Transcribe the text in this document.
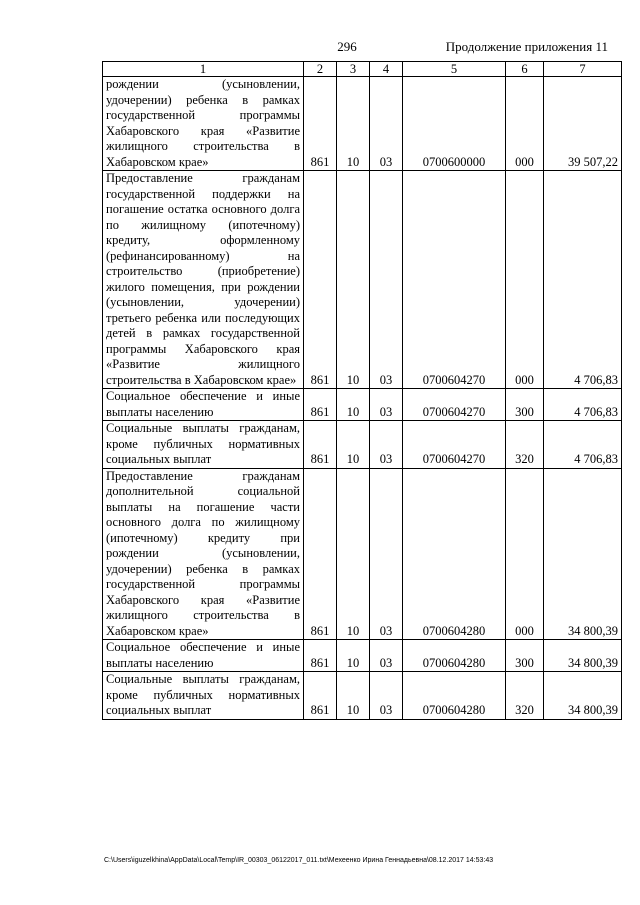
296	Продолжение приложения 11
1	2	3	4	5	6	7
рождении (усыновлении, удочерении) ребенка в рамках государственной программы Хабаровского края «Развитие жилищного строительства в Хабаровском крае»	861	10	03	0700600000	000	39 507,22
Предоставление гражданам государственной поддержки на погашение остатка основного долга по жилищному (ипотечному) кредиту, оформленному (рефинансированному) на строительство (приобретение) жилого помещения, при рождении (усыновлении, удочерении) третьего ребенка или последующих детей в рамках государственной программы Хабаровского края «Развитие жилищного строительства в Хабаровском крае»	861	10	03	0700604270	000	4 706,83
Социальное обеспечение и иные выплаты населению	861	10	03	0700604270	300	4 706,83
Социальные выплаты гражданам, кроме публичных нормативных социальных выплат	861	10	03	0700604270	320	4 706,83
Предоставление гражданам дополнительной социальной выплаты на погашение части основного долга по жилищному (ипотечному) кредиту при рождении (усыновлении, удочерении) ребенка в рамках государственной программы Хабаровского края «Развитие жилищного строительства в Хабаровском крае»	861	10	03	0700604280	000	34 800,39
Социальное обеспечение и иные выплаты населению	861	10	03	0700604280	300	34 800,39
Социальные выплаты гражданам, кроме публичных нормативных социальных выплат	861	10	03	0700604280	320	34 800,39
C:\Users\iguzelkhina\AppData\Local\Temp\IR_00303_06122017_011.txt\Мехеенко Ирина Геннадьевна\08.12.2017 14:53:43
